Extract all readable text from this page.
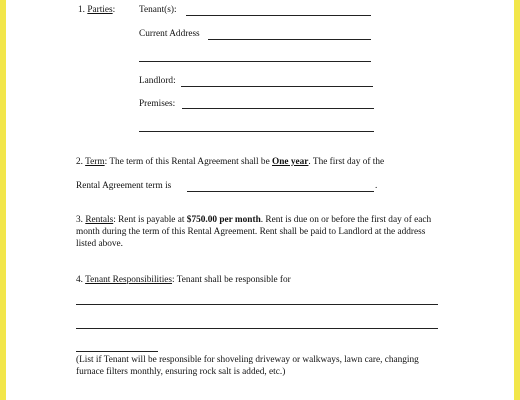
1. Parties:	Tenant(s):
Current Address
Landlord:
Premises:
2. Term: The term of this Rental Agreement shall be One year. The first day of the
Rental Agreement term is	.
3. Rentals: Rent is payable at $750.00 per month. Rent is due on or before the first day of each month during the term of this Rental Agreement. Rent shall be paid to Landlord at the address listed above.
4. Tenant Responsibilities: Tenant shall be responsible for
(List if Tenant will be responsible for shoveling driveway or walkways, lawn care, changing furnace filters monthly, ensuring rock salt is added, etc.)
